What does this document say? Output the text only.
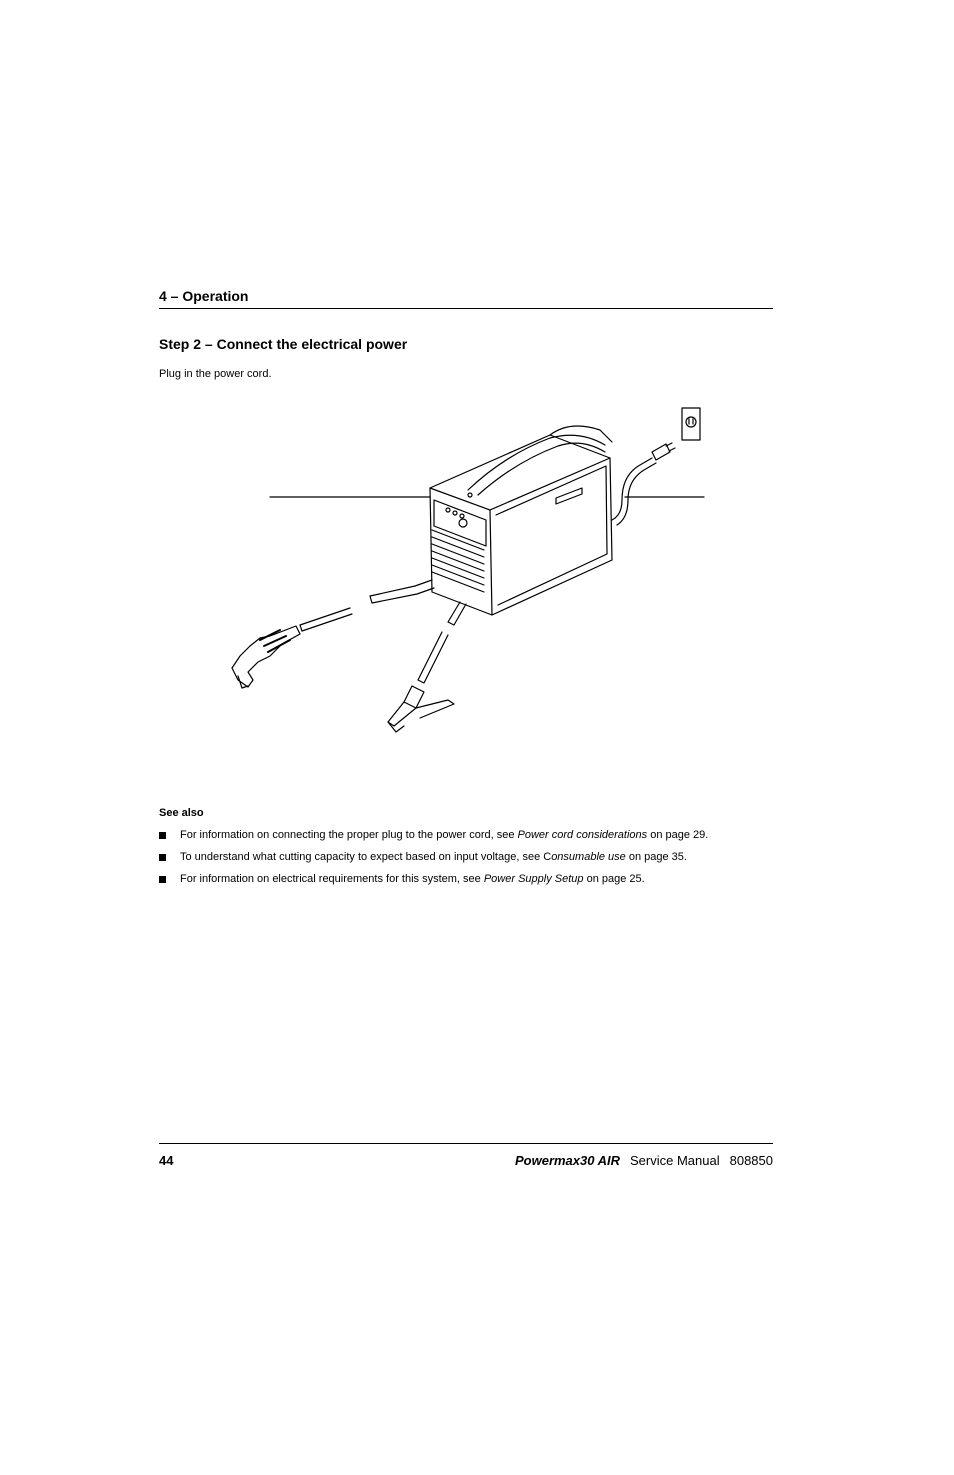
4 – Operation
Step 2 – Connect the electrical power
Plug in the power cord.
See also
For information on connecting the proper plug to the power cord, see Power cord considerations on page 29.
To understand what cutting capacity to expect based on input voltage, see Consumable use on page 35.
For information on electrical requirements for this system, see Power Supply Setup on page 25.
44	Powermax30 AIR Service Manual 808850
